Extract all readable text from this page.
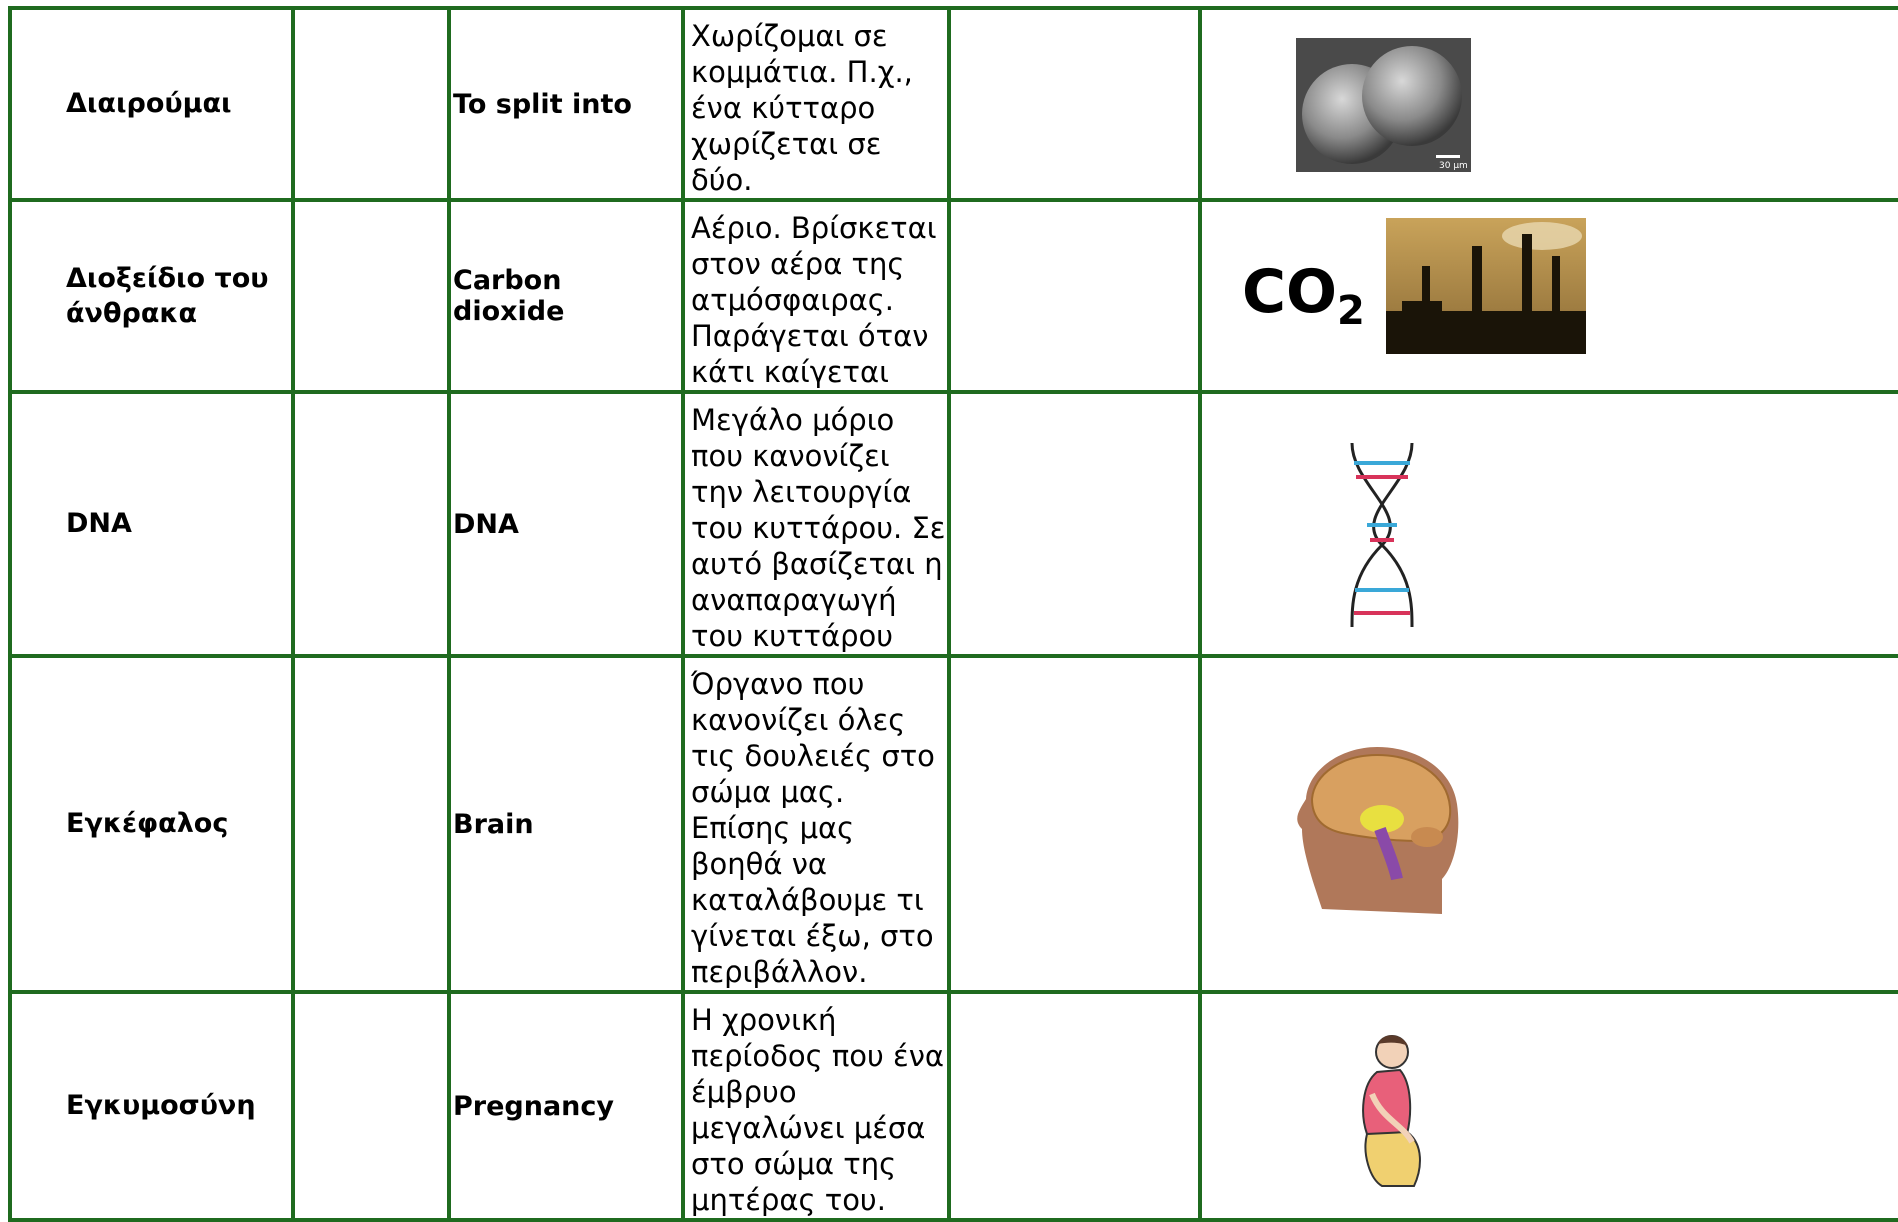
Διαιρούμαι		To split into	Χωρίζομαι σε κομμάτια. Π.χ., ένα κύτταρο χωρίζεται σε δύο.		30 μm

Διοξείδιο του άνθρακα		Carbon dioxide	Αέριο. Βρίσκεται στον αέρα της ατμόσφαιρας. Παράγεται όταν κάτι καίγεται		$CO_2$

DNA		DNA	Μεγάλο μόριο που κανονίζει την λειτουργία του κυττάρου. Σε αυτό βασίζεται η αναπαραγωγή του κυττάρου		

Εγκέφαλος		Brain	Όργανο που κανονίζει όλες τις δουλειές στο σώμα μας. Επίσης μας βοηθά να καταλάβουμε τι γίνεται έξω, στο περιβάλλον.		

Εγκυμοσύνη		Pregnancy	Η χρονική περίοδος που ένα έμβρυο μεγαλώνει μέσα στο σώμα της μητέρας του.		
